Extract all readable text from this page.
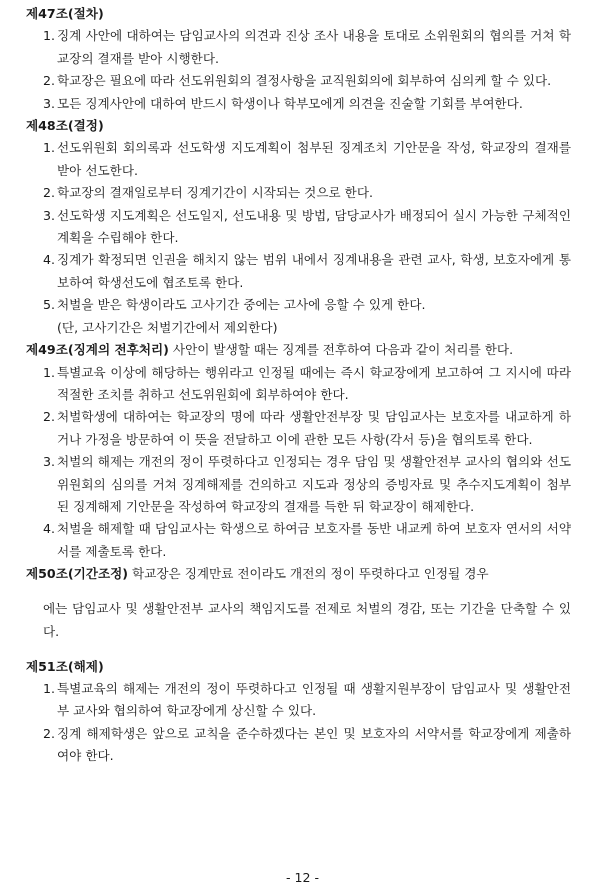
제47조(절차)

1. 징계 사안에 대하여는 담임교사의 의견과 진상 조사 내용을 토대로 소위원회의 협의를 거쳐 학교장의 결재를 받아 시행한다.
2. 학교장은 필요에 따라 선도위원회의 결정사항을 교직원회의에 회부하여 심의케 할 수 있다.
3. 모든 징계사안에 대하여 반드시 학생이나 학부모에게 의견을 진술할 기회를 부여한다.

제48조(결정)

1. 선도위원회 회의록과 선도학생 지도계획이 첨부된 징계조치 기안문을 작성, 학교장의 결재를 받아 선도한다.
2. 학교장의 결재일로부터 징계기간이 시작되는 것으로 한다.
3. 선도학생 지도계획은 선도일지, 선도내용 및 방법, 담당교사가 배정되어 실시 가능한 구체적인 계획을 수립해야 한다.
4. 징계가 확정되면 인권을 해치지 않는 범위 내에서 징계내용을 관련 교사, 학생, 보호자에게 통보하여 학생선도에 협조토록 한다.
5. 처벌을 받은 학생이라도 고사기간 중에는 고사에 응할 수 있게 한다.
(단, 고사기간은 처벌기간에서 제외한다)

제49조(징계의 전후처리) 사안이 발생할 때는 징계를 전후하여 다음과 같이 처리를 한다.

1. 특별교육 이상에 해당하는 행위라고 인정될 때에는 즉시 학교장에게 보고하여 그 지시에 따라 적절한 조치를 취하고 선도위원회에 회부하여야 한다.
2. 처벌학생에 대하여는 학교장의 명에 따라 생활안전부장 및 담임교사는 보호자를 내교하게 하거나 가정을 방문하여 이 뜻을 전달하고 이에 관한 모든 사항(각서 등)을 협의토록 한다.
3. 처벌의 해제는 개전의 정이 뚜렷하다고 인정되는 경우 담임 및 생활안전부 교사의 협의와 선도위원회의 심의를 거쳐 징계해제를 건의하고 지도과 정상의 증빙자료 및 추수지도계획이 첨부된 징계해제 기안문을 작성하여 학교장의 결재를 득한 뒤 학교장이 해제한다.
4. 처벌을 해제할 때 담임교사는 학생으로 하여금 보호자를 동반 내교케 하여 보호자 연서의 서약서를 제출토록 한다.

제50조(기간조정) 학교장은 징계만료 전이라도 개전의 정이 뚜렷하다고 인정될 경우

에는 담임교사 및 생활안전부 교사의 책임지도를 전제로 처벌의 경감, 또는 기간을 단축할 수 있다.

제51조(해제)

1. 특별교육의 해제는 개전의 정이 뚜렷하다고 인정될 때 생활지원부장이 담임교사 및 생활안전부 교사와 협의하여 학교장에게 상신할 수 있다.
2. 징계 해제학생은 앞으로 교칙을 준수하겠다는 본인 및 보호자의 서약서를 학교장에게 제출하여야 한다.
- 12 -
